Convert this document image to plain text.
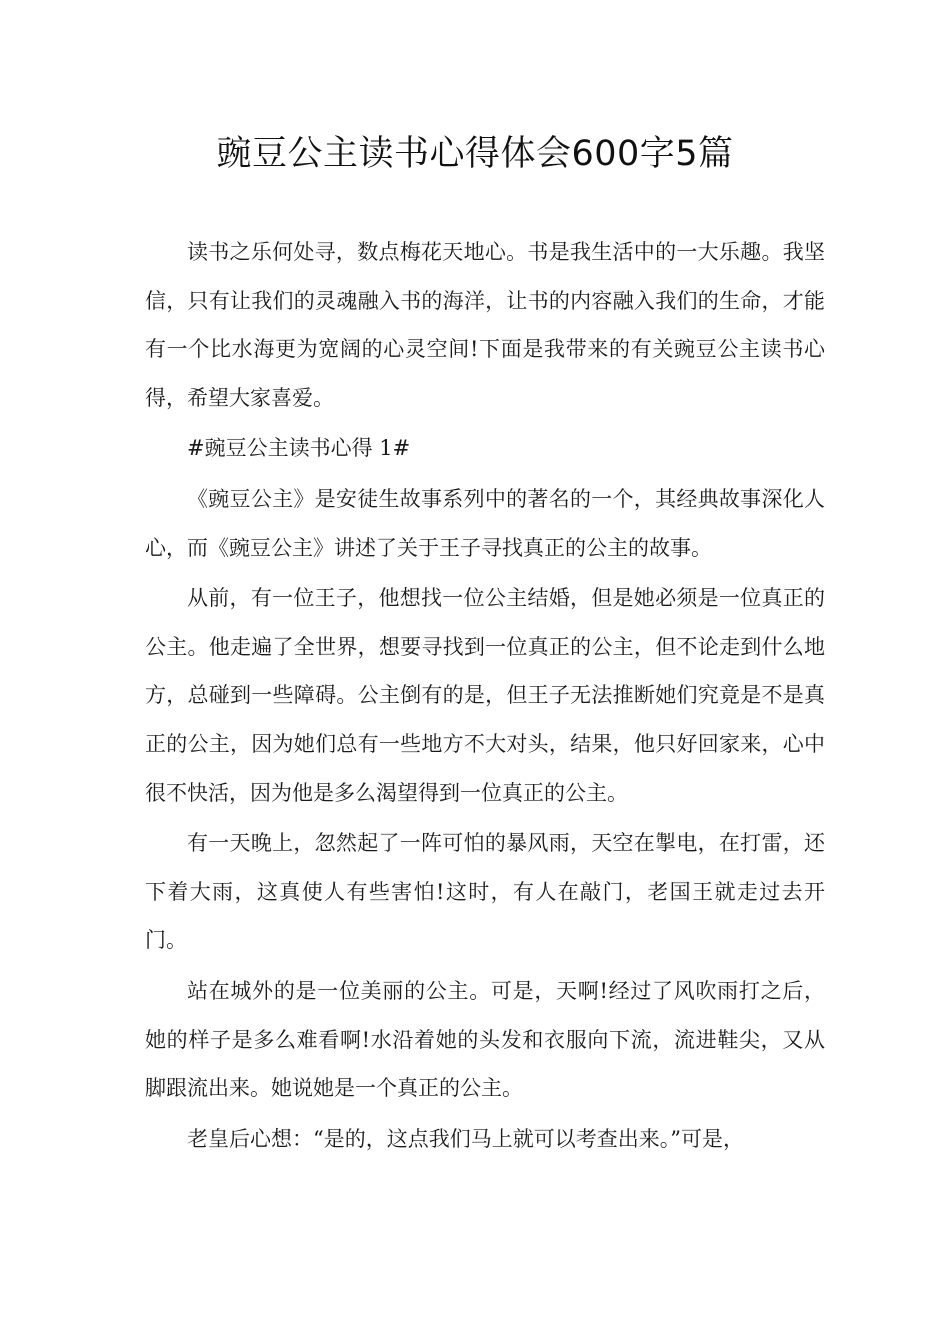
豌豆公主读书心得体会600字5篇

读书之乐何处寻，数点梅花天地心。书是我生活中的一大乐趣。我坚信，只有让我们的灵魂融入书的海洋，让书的内容融入我们的生命，才能有一个比水海更为宽阔的心灵空间!下面是我带来的有关豌豆公主读书心得，希望大家喜爱。

#豌豆公主读书心得 1#

《豌豆公主》是安徒生故事系列中的著名的一个，其经典故事深化人心，而《豌豆公主》讲述了关于王子寻找真正的公主的故事。

从前，有一位王子，他想找一位公主结婚，但是她必须是一位真正的公主。他走遍了全世界，想要寻找到一位真正的公主，但不论走到什么地方，总碰到一些障碍。公主倒有的是，但王子无法推断她们究竟是不是真正的公主，因为她们总有一些地方不大对头，结果，他只好回家来，心中很不快活，因为他是多么渴望得到一位真正的公主。

有一天晚上，忽然起了一阵可怕的暴风雨，天空在掣电，在打雷，还下着大雨，这真使人有些害怕!这时，有人在敲门，老国王就走过去开门。

站在城外的是一位美丽的公主。可是，天啊!经过了风吹雨打之后，她的样子是多么难看啊!水沿着她的头发和衣服向下流，流进鞋尖，又从脚跟流出来。她说她是一个真正的公主。

老皇后心想：“是的，这点我们马上就可以考查出来。”可是，
